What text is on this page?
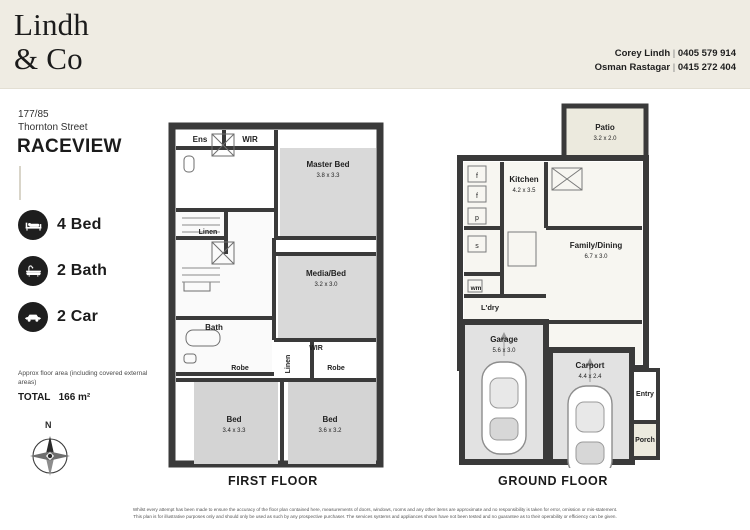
Lindh
& Co	Corey Lindh | 0405 579 914
Osman Rastagar | 0415 272 404
177/85
Thornton Street
RACEVIEW
4 Bed
2 Bath
2 Car
Approx floor area (including covered external areas)
TOTAL 166 m²
N
Ens	WIR
Master Bed
3.8 x 3.3
Linen
Media/Bed
3.2 x 3.0
Bath
WIR
Robe	Robe
Bed
3.4 x 3.3
Bed
3.6 x 3.2
Linen
FIRST FLOOR
Patio
3.2 x 2.0
Kitchen
4.2 x 3.5
f
f
p
s	Family/Dining
6.7 x 3.0
wm
L'dry
Garage
5.6 x 3.0
Carport
4.4 x 2.4
Entry
Porch
GROUND FLOOR
Whilst every attempt has been made to ensure the accuracy of the floor plan contained here, measurements of doors, windows, rooms and any other items are approximate and no responsibility is taken for error, omission or mis-statement.
This plan is for illustrative purposes only and should only be used as such by any prospective purchaser. The services systems and appliances shown have not been tested and no guarantee as to their operability or efficiency can be given.
